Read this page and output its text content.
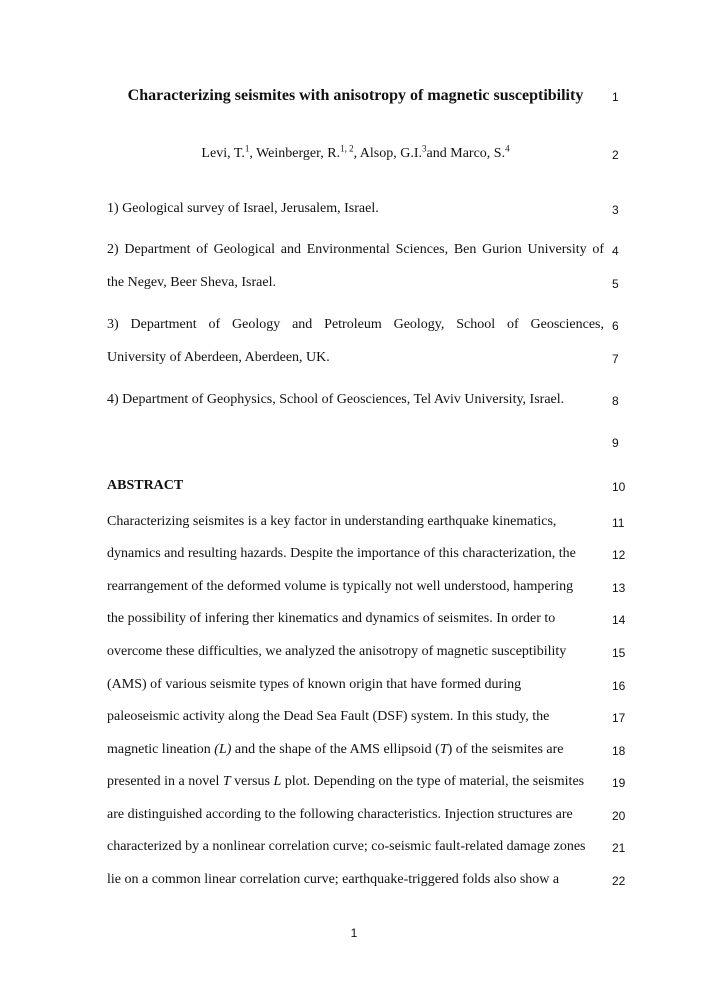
Characterizing seismites with anisotropy of magnetic susceptibility
Levi, T.$^1$, Weinberger, R.$^{1, 2}$, Alsop, G.I.$^3$and Marco, S.$^4$
1) Geological survey of Israel, Jerusalem, Israel.
2) Department of Geological and Environmental Sciences, Ben Gurion University of
the Negev, Beer Sheva, Israel.
3) Department of Geology and Petroleum Geology, School of Geosciences,
University of Aberdeen, Aberdeen, UK.
4) Department of Geophysics, School of Geosciences, Tel Aviv University, Israel.
ABSTRACT
Characterizing seismites is a key factor in understanding earthquake kinematics,
dynamics and resulting hazards. Despite the importance of this characterization, the
rearrangement of the deformed volume is typically not well understood, hampering
the possibility of infering ther kinematics and dynamics of seismites. In order to
overcome these difficulties, we analyzed the anisotropy of magnetic susceptibility
(AMS) of various seismite types of known origin that have formed during
paleoseismic activity along the Dead Sea Fault (DSF) system. In this study, the
magnetic lineation (L) and the shape of the AMS ellipsoid (T) of the seismites are
presented in a novel T versus L plot. Depending on the type of material, the seismites
are distinguished according to the following characteristics. Injection structures are
characterized by a nonlinear correlation curve; co-seismic fault-related damage zones
lie on a common linear correlation curve; earthquake-triggered folds also show a
1
2
3
4
5
6
7
8
9
10
11
12
13
14
15
16
17
18
19
20
21
22
1
